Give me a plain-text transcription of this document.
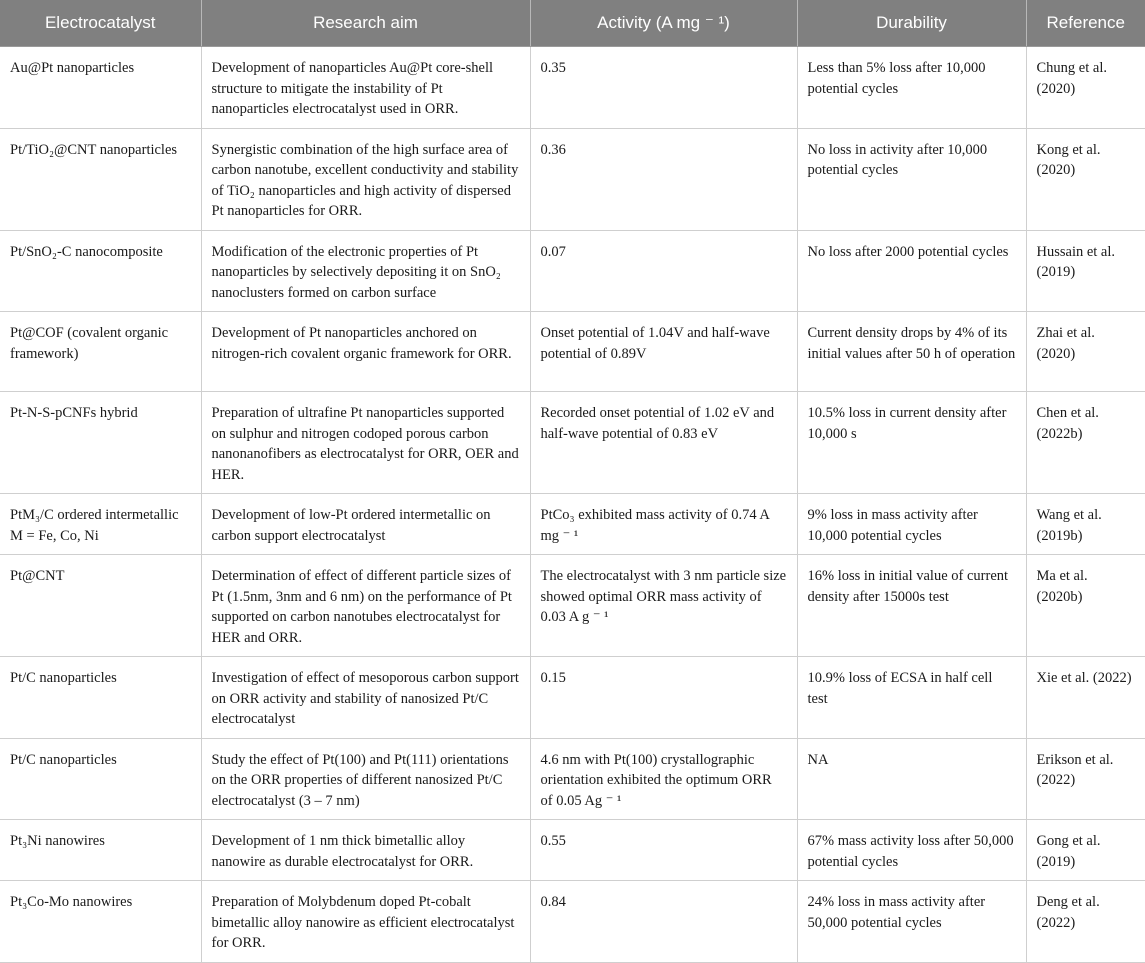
Electrocatalyst	Research aim	Activity (A mg ⁻ ¹)	Durability	Reference
Au@Pt nanoparticles	Development of nanoparticles Au@Pt core-shell structure to mitigate the instability of Pt nanoparticles electrocatalyst used in ORR.	0.35	Less than 5% loss after 10,000 potential cycles	Chung et al. (2020)
Pt/TiO₂@CNT nanoparticles	Synergistic combination of the high surface area of carbon nanotube, excellent conductivity and stability of TiO₂ nanoparticles and high activity of dispersed Pt nanoparticles for ORR.	0.36	No loss in activity after 10,000 potential cycles	Kong et al. (2020)
Pt/SnO₂-C nanocomposite	Modification of the electronic properties of Pt nanoparticles by selectively depositing it on SnO₂ nanoclusters formed on carbon surface	0.07	No loss after 2000 potential cycles	Hussain et al. (2019)
Pt@COF (covalent organic framework)	Development of Pt nanoparticles anchored on nitrogen-rich covalent organic framework for ORR.	Onset potential of 1.04V and half-wave potential of 0.89V	Current density drops by 4% of its initial values after 50 h of operation	Zhai et al. (2020)
Pt-N-S-pCNFs hybrid	Preparation of ultrafine Pt nanoparticles supported on sulphur and nitrogen codoped porous carbon nanonanofibers as electrocatalyst for ORR, OER and HER.	Recorded onset potential of 1.02 eV and half-wave potential of 0.83 eV	10.5% loss in current density after 10,000 s	Chen et al. (2022b)
PtM₃/C ordered intermetallic M = Fe, Co, Ni	Development of low-Pt ordered intermetallic on carbon support electrocatalyst	PtCo₃ exhibited mass activity of 0.74 A mg ⁻ ¹	9% loss in mass activity after 10,000 potential cycles	Wang et al. (2019b)
Pt@CNT	Determination of effect of different particle sizes of Pt (1.5nm, 3nm and 6 nm) on the performance of Pt supported on carbon nanotubes electrocatalyst for HER and ORR.	The electrocatalyst with 3 nm particle size showed optimal ORR mass activity of 0.03 A g ⁻ ¹	16% loss in initial value of current density after 15000s test	Ma et al. (2020b)
Pt/C nanoparticles	Investigation of effect of mesoporous carbon support on ORR activity and stability of nanosized Pt/C electrocatalyst	0.15	10.9% loss of ECSA in half cell test	Xie et al. (2022)
Pt/C nanoparticles	Study the effect of Pt(100) and Pt(111) orientations on the ORR properties of different nanosized Pt/C electrocatalyst (3 – 7 nm)	4.6 nm with Pt(100) crystallographic orientation exhibited the optimum ORR of 0.05 Ag ⁻ ¹	NA	Erikson et al. (2022)
Pt₃Ni nanowires	Development of 1 nm thick bimetallic alloy nanowire as durable electrocatalyst for ORR.	0.55	67% mass activity loss after 50,000 potential cycles	Gong et al. (2019)
Pt₃Co-Mo nanowires	Preparation of Molybdenum doped Pt-cobalt bimetallic alloy nanowire as efficient electrocatalyst for ORR.	0.84	24% loss in mass activity after 50,000 potential cycles	Deng et al. (2022)
